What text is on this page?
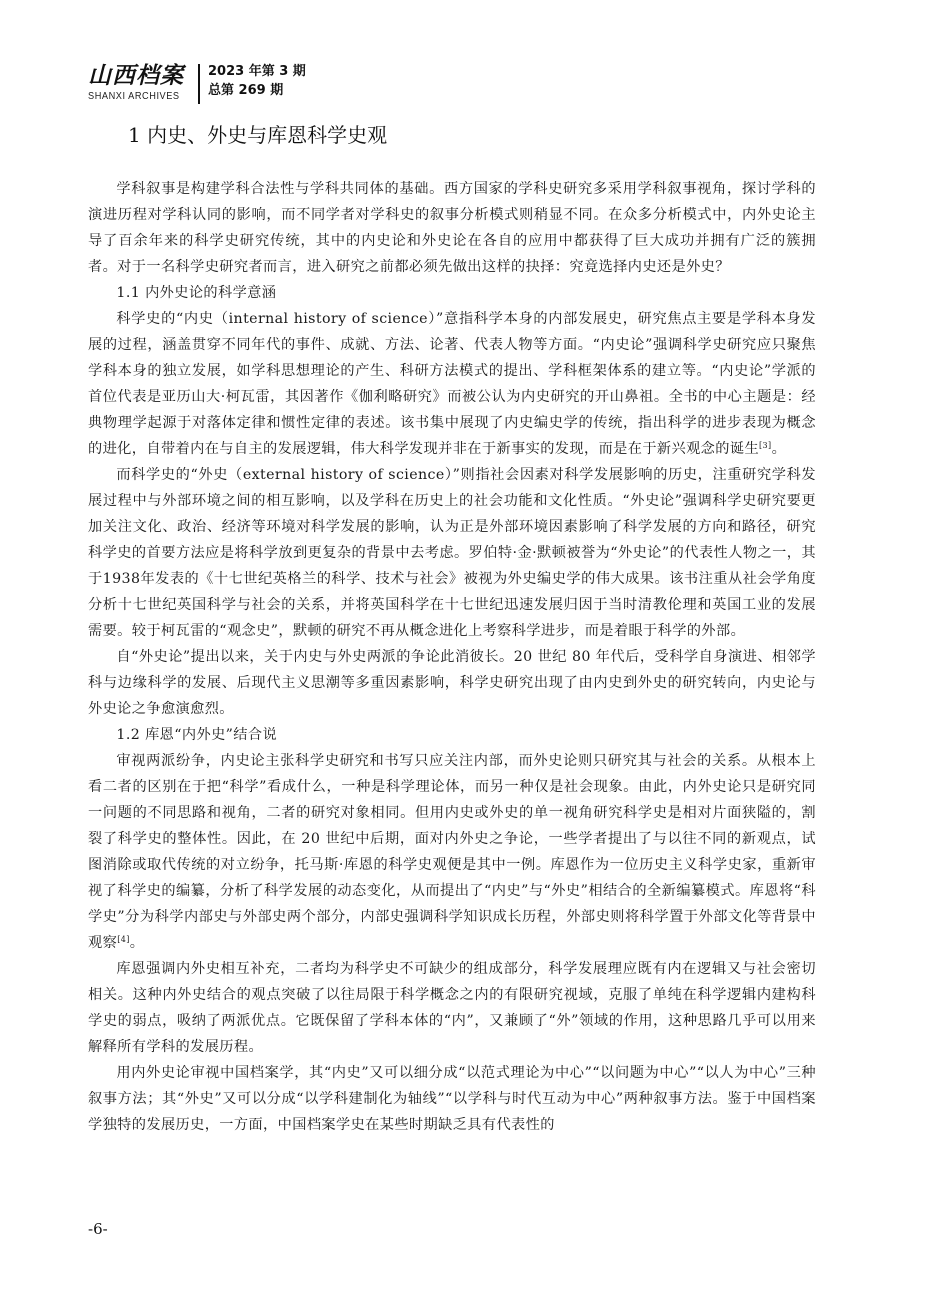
山西档案
SHANXI ARCHIVES
2023 年第 3 期
总第 269 期
1 内史、外史与库恩科学史观

学科叙事是构建学科合法性与学科共同体的基础。西方国家的学科史研究多采用学科叙事视角，探讨学科的演进历程对学科认同的影响，而不同学者对学科史的叙事分析模式则稍显不同。在众多分析模式中，内外史论主导了百余年来的科学史研究传统，其中的内史论和外史论在各自的应用中都获得了巨大成功并拥有广泛的簇拥者。对于一名科学史研究者而言，进入研究之前都必须先做出这样的抉择：究竟选择内史还是外史？

1.1 内外史论的科学意涵

科学史的“内史（internal history of science）”意指科学本身的内部发展史，研究焦点主要是学科本身发展的过程，涵盖贯穿不同年代的事件、成就、方法、论著、代表人物等方面。“内史论”强调科学史研究应只聚焦学科本身的独立发展，如学科思想理论的产生、科研方法模式的提出、学科框架体系的建立等。“内史论”学派的首位代表是亚历山大·柯瓦雷，其因著作《伽利略研究》而被公认为内史研究的开山鼻祖。全书的中心主题是：经典物理学起源于对落体定律和惯性定律的表述。该书集中展现了内史编史学的传统，指出科学的进步表现为概念的进化，自带着内在与自主的发展逻辑，伟大科学发现并非在于新事实的发现，而是在于新兴观念的诞生[3]。

而科学史的“外史（external history of science）”则指社会因素对科学发展影响的历史，注重研究学科发展过程中与外部环境之间的相互影响，以及学科在历史上的社会功能和文化性质。“外史论”强调科学史研究要更加关注文化、政治、经济等环境对科学发展的影响，认为正是外部环境因素影响了科学发展的方向和路径，研究科学史的首要方法应是将科学放到更复杂的背景中去考虑。罗伯特·金·默顿被誉为“外史论”的代表性人物之一，其于1938年发表的《十七世纪英格兰的科学、技术与社会》被视为外史编史学的伟大成果。该书注重从社会学角度分析十七世纪英国科学与社会的关系，并将英国科学在十七世纪迅速发展归因于当时清教伦理和英国工业的发展需要。较于柯瓦雷的“观念史”，默顿的研究不再从概念进化上考察科学进步，而是着眼于科学的外部。

自“外史论”提出以来，关于内史与外史两派的争论此消彼长。20 世纪 80 年代后，受科学自身演进、相邻学科与边缘科学的发展、后现代主义思潮等多重因素影响，科学史研究出现了由内史到外史的研究转向，内史论与外史论之争愈演愈烈。

1.2 库恩“内外史”结合说

审视两派纷争，内史论主张科学史研究和书写只应关注内部，而外史论则只研究其与社会的关系。从根本上看二者的区别在于把“科学”看成什么，一种是科学理论体，而另一种仅是社会现象。由此，内外史论只是研究同一问题的不同思路和视角，二者的研究对象相同。但用内史或外史的单一视角研究科学史是相对片面狭隘的，割裂了科学史的整体性。因此，在 20 世纪中后期，面对内外史之争论，一些学者提出了与以往不同的新观点，试图消除或取代传统的对立纷争，托马斯·库恩的科学史观便是其中一例。库恩作为一位历史主义科学史家，重新审视了科学史的编纂，分析了科学发展的动态变化，从而提出了“内史”与“外史”相结合的全新编纂模式。库恩将“科学史”分为科学内部史与外部史两个部分，内部史强调科学知识成长历程，外部史则将科学置于外部文化等背景中观察[4]。

库恩强调内外史相互补充，二者均为科学史不可缺少的组成部分，科学发展理应既有内在逻辑又与社会密切相关。这种内外史结合的观点突破了以往局限于科学概念之内的有限研究视域，克服了单纯在科学逻辑内建构科学史的弱点，吸纳了两派优点。它既保留了学科本体的“内”，又兼顾了“外”领域的作用，这种思路几乎可以用来解释所有学科的发展历程。

用内外史论审视中国档案学，其“内史”又可以细分成“以范式理论为中心”“以问题为中心”“以人为中心”三种叙事方法；其“外史”又可以分成“以学科建制化为轴线”“以学科与时代互动为中心”两种叙事方法。鉴于中国档案学独特的发展历史，一方面，中国档案学史在某些时期缺乏具有代表性的

-6-
